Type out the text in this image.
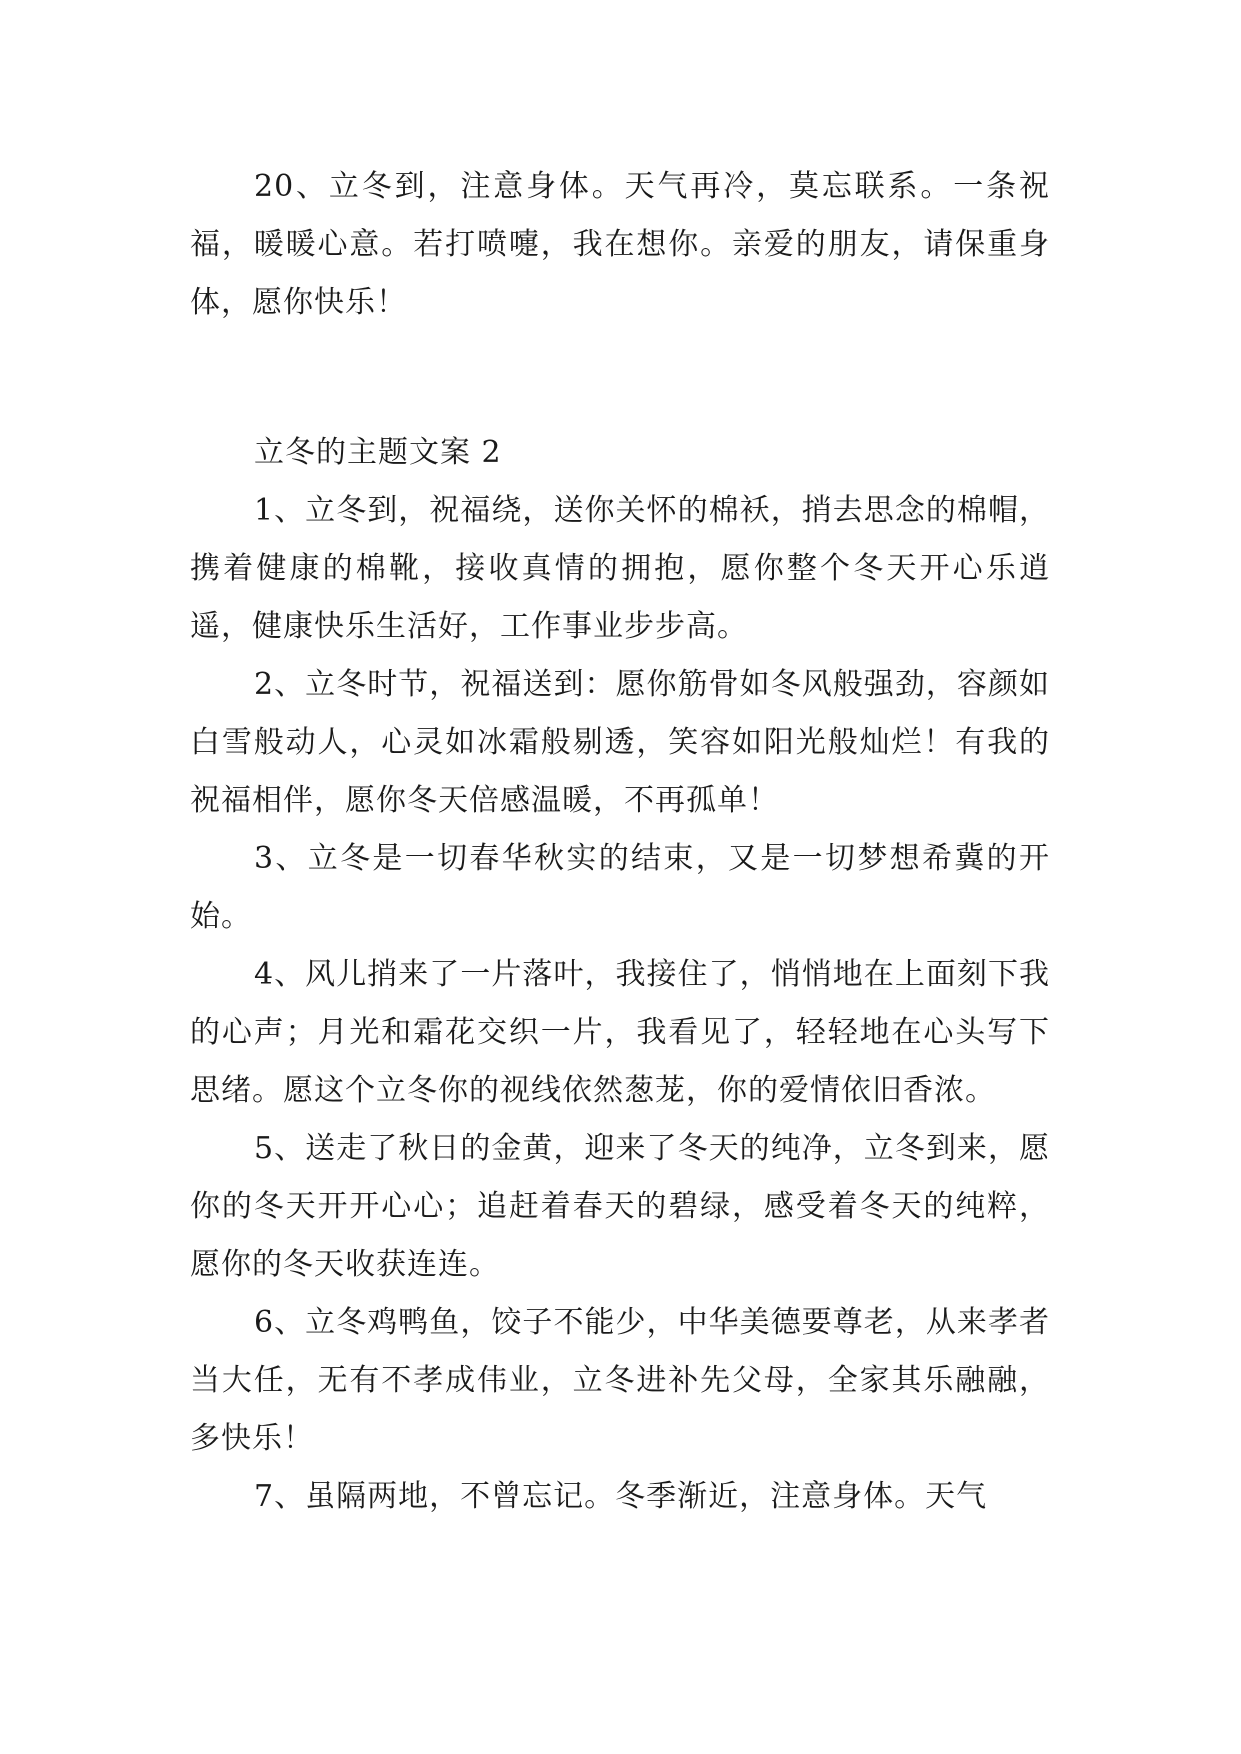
20、立冬到，注意身体。天气再冷，莫忘联系。一条祝福，暖暖心意。若打喷嚏，我在想你。亲爱的朋友，请保重身体，愿你快乐！

立冬的主题文案 2

1、立冬到，祝福绕，送你关怀的棉袄，捎去思念的棉帽，携着健康的棉靴，接收真情的拥抱，愿你整个冬天开心乐逍遥，健康快乐生活好，工作事业步步高。

2、立冬时节，祝福送到：愿你筋骨如冬风般强劲，容颜如白雪般动人，心灵如冰霜般剔透，笑容如阳光般灿烂！有我的祝福相伴，愿你冬天倍感温暖，不再孤单！

3、立冬是一切春华秋实的结束，又是一切梦想希冀的开始。

4、风儿捎来了一片落叶，我接住了，悄悄地在上面刻下我的心声；月光和霜花交织一片，我看见了，轻轻地在心头写下思绪。愿这个立冬你的视线依然葱茏，你的爱情依旧香浓。

5、送走了秋日的金黄，迎来了冬天的纯净，立冬到来，愿你的冬天开开心心；追赶着春天的碧绿，感受着冬天的纯粹，愿你的冬天收获连连。

6、立冬鸡鸭鱼，饺子不能少，中华美德要尊老，从来孝者当大任，无有不孝成伟业，立冬进补先父母，全家其乐融融，多快乐！

7、虽隔两地，不曾忘记。冬季渐近，注意身体。天气
